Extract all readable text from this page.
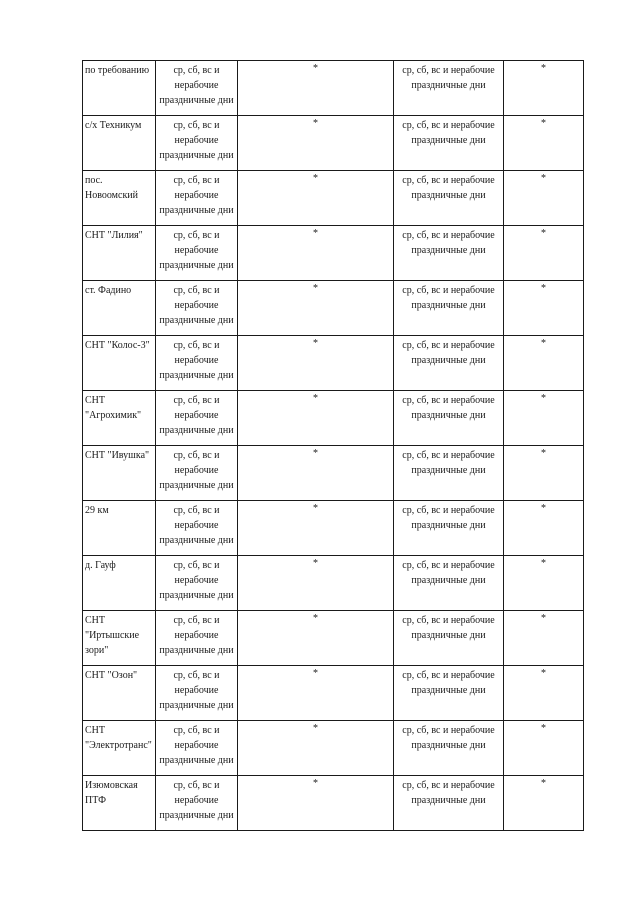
по требованию	ср, сб, вс и нерабочие праздничные дни	*	ср, сб, вс и нерабочие праздничные дни	*
с/х Техникум	ср, сб, вс и нерабочие праздничные дни	*	ср, сб, вс и нерабочие праздничные дни	*
пос. Новоомский	ср, сб, вс и нерабочие праздничные дни	*	ср, сб, вс и нерабочие праздничные дни	*
СНТ "Лилия"	ср, сб, вс и нерабочие праздничные дни	*	ср, сб, вс и нерабочие праздничные дни	*
ст. Фадино	ср, сб, вс и нерабочие праздничные дни	*	ср, сб, вс и нерабочие праздничные дни	*
СНТ "Колос-3"	ср, сб, вс и нерабочие праздничные дни	*	ср, сб, вс и нерабочие праздничные дни	*
СНТ "Агрохимик"	ср, сб, вс и нерабочие праздничные дни	*	ср, сб, вс и нерабочие праздничные дни	*
СНТ "Ивушка"	ср, сб, вс и нерабочие праздничные дни	*	ср, сб, вс и нерабочие праздничные дни	*
29 км	ср, сб, вс и нерабочие праздничные дни	*	ср, сб, вс и нерабочие праздничные дни	*
д. Гауф	ср, сб, вс и нерабочие праздничные дни	*	ср, сб, вс и нерабочие праздничные дни	*
СНТ "Иртышские зори"	ср, сб, вс и нерабочие праздничные дни	*	ср, сб, вс и нерабочие праздничные дни	*
СНТ "Озон"	ср, сб, вс и нерабочие праздничные дни	*	ср, сб, вс и нерабочие праздничные дни	*
СНТ "Электротранс"	ср, сб, вс и нерабочие праздничные дни	*	ср, сб, вс и нерабочие праздничные дни	*
Изюмовская ПТФ	ср, сб, вс и нерабочие праздничные дни	*	ср, сб, вс и нерабочие праздничные дни	*
